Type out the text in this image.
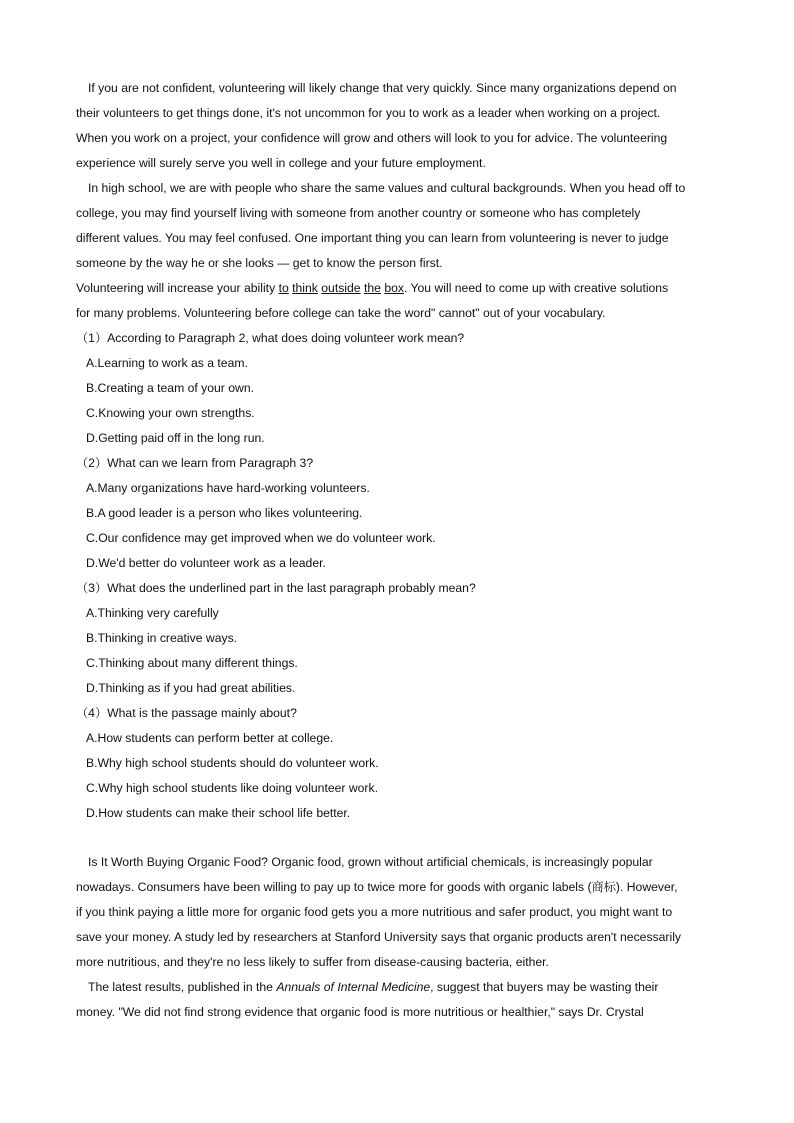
If you are not confident, volunteering will likely change that very quickly. Since many organizations depend on
their volunteers to get things done, it's not uncommon for you to work as a leader when working on a project.
When you work on a project, your confidence will grow and others will look to you for advice. The volunteering
experience will surely serve you well in college and your future employment.
In high school, we are with people who share the same values and cultural backgrounds. When you head off to
college, you may find yourself living with someone from another country or someone who has completely
different values. You may feel confused. One important thing you can learn from volunteering is never to judge
someone by the way he or she looks — get to know the person first.
Volunteering will increase your ability to think outside the box. You will need to come up with creative solutions
for many problems. Volunteering before college can take the word" cannot" out of your vocabulary.
（1）According to Paragraph 2, what does doing volunteer work mean?
A.Learning to work as a team.
B.Creating a team of your own.
C.Knowing your own strengths.
D.Getting paid off in the long run.
（2）What can we learn from Paragraph 3?
A.Many organizations have hard-working volunteers.
B.A good leader is a person who likes volunteering.
C.Our confidence may get improved when we do volunteer work.
D.We'd better do volunteer work as a leader.
（3）What does the underlined part in the last paragraph probably mean?
A.Thinking very carefully
B.Thinking in creative ways.
C.Thinking about many different things.
D.Thinking as if you had great abilities.
（4）What is the passage mainly about?
A.How students can perform better at college.
B.Why high school students should do volunteer work.
C.Why high school students like doing volunteer work.
D.How students can make their school life better.
Is It Worth Buying Organic Food? Organic food, grown without artificial chemicals, is increasingly popular
nowadays. Consumers have been willing to pay up to twice more for goods with organic labels (商标). However,
if you think paying a little more for organic food gets you a more nutritious and safer product, you might want to
save your money. A study led by researchers at Stanford University says that organic products aren't necessarily
more nutritious, and they're no less likely to suffer from disease-causing bacteria, either.
The latest results, published in the Annuals of Internal Medicine, suggest that buyers may be wasting their
money. "We did not find strong evidence that organic food is more nutritious or healthier," says Dr. Crystal
